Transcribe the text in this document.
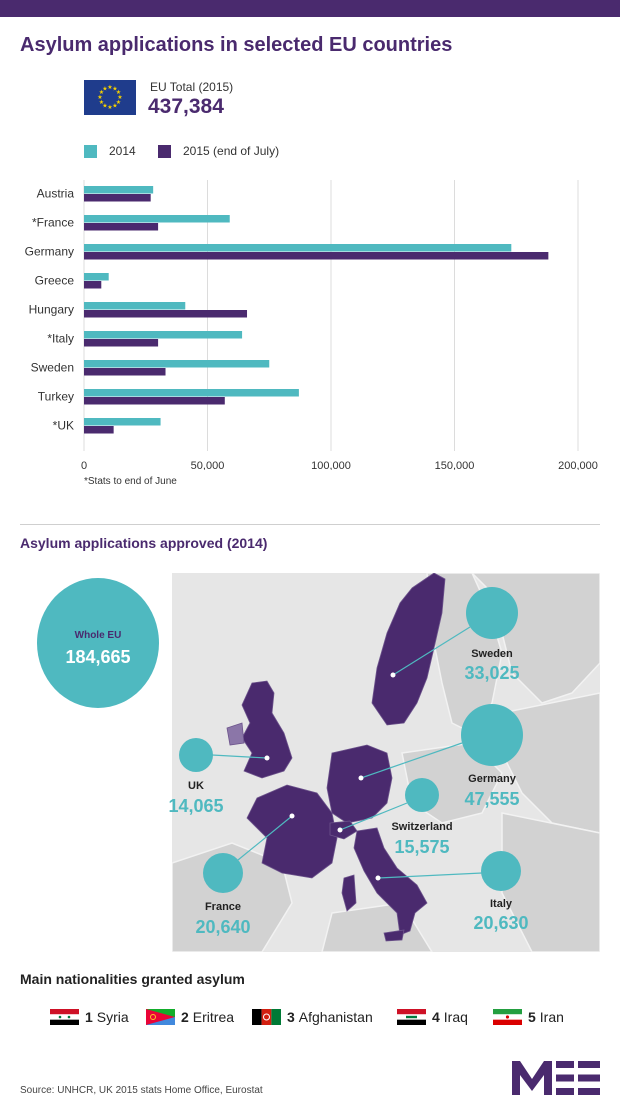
Asylum applications in selected EU countries
★ ★
★
★
★
★
★
★
★
★
★
★	EU Total (2015)
437,384
2014	2015 (end of July)
0	50,000	100,000	150,000	200,000
Austria
*France
Germany
Greece
Hungary
*Italy
Sweden
Turkey
*UK
*Stats to end of June
Asylum applications approved (2014)
Whole EU
184,665	Sweden
33,025
Germany
47,555
UK
14,065
Switzerland
15,575
France
20,640
Italy
20,630
Main nationalities granted asylum
1 Syria	2 Eritrea	3 Afghanistan	4 Iraq	5 Iran
Source: UNHCR, UK 2015 stats Home Office, Eurostat
